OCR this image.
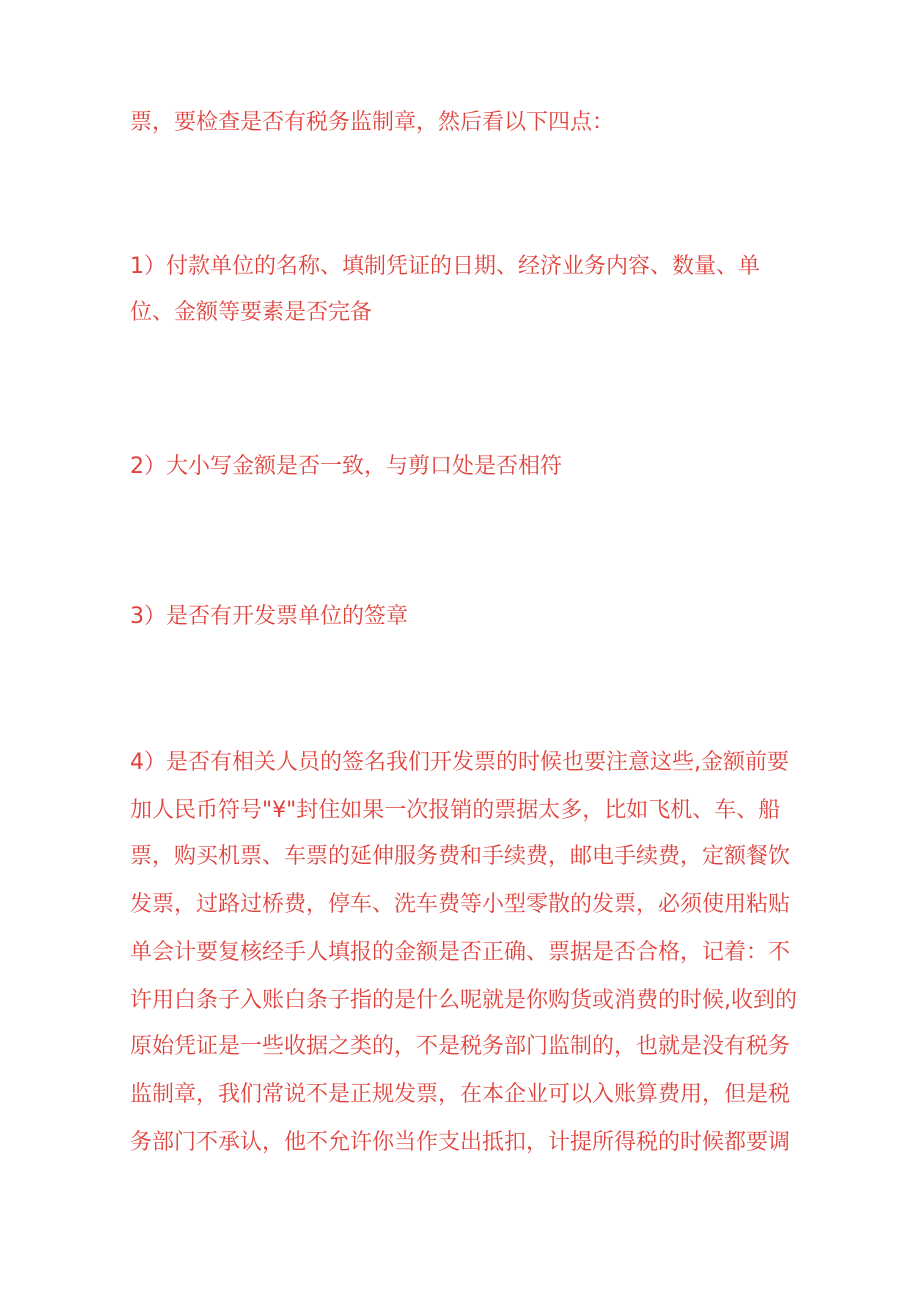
票，要检查是否有税务监制章，然后看以下四点：
1）付款单位的名称、填制凭证的日期、经济业务内容、数量、单
位、金额等要素是否完备
2）大小写金额是否一致，与剪口处是否相符
3）是否有开发票单位的签章
4）是否有相关人员的签名我们开发票的时候也要注意这些,金额前要
加人民币符号"¥"封住如果一次报销的票据太多，比如飞机、车、船
票，购买机票、车票的延伸服务费和手续费，邮电手续费，定额餐饮
发票，过路过桥费，停车、洗车费等小型零散的发票，必须使用粘贴
单会计要复核经手人填报的金额是否正确、票据是否合格，记着：不
许用白条子入账白条子指的是什么呢就是你购货或消费的时候,收到的
原始凭证是一些收据之类的，不是税务部门监制的，也就是没有税务
监制章，我们常说不是正规发票，在本企业可以入账算费用，但是税
务部门不承认，他不允许你当作支出抵扣，计提所得税的时候都要调
